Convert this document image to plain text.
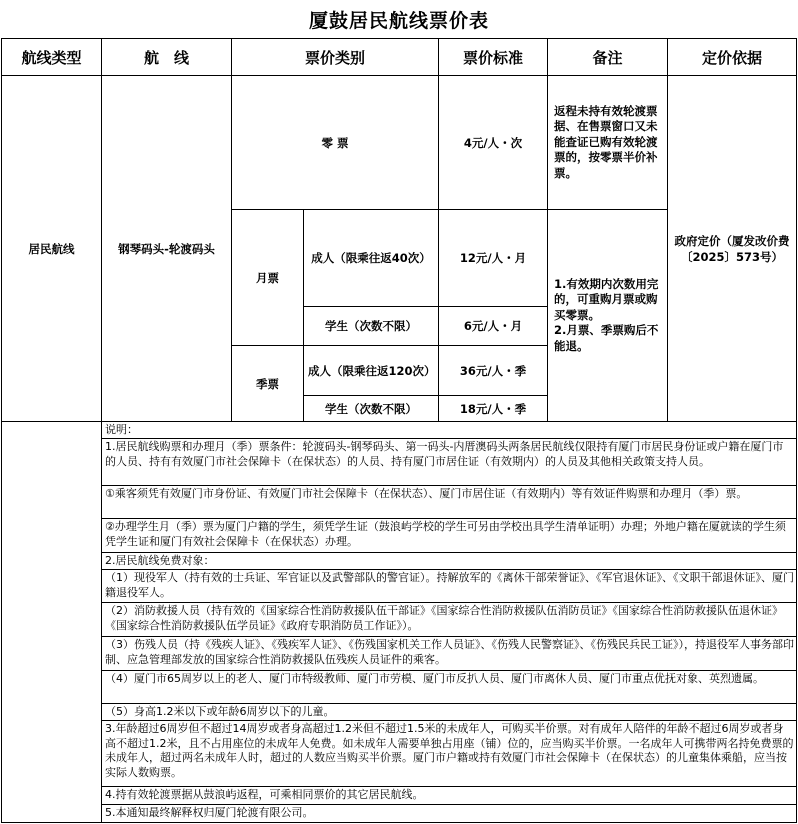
厦鼓居民航线票价表
航线类型	航　线	票价类别	票价标准	备注	定价依据
居民航线	钢琴码头-轮渡码头
零 票	4元/人・次
返程未持有效轮渡票据、在售票窗口又未能查证已购有效轮渡票的，按零票半价补票。
月票
成人（限乘往返40次）	12元/人・月
学生（次数不限）	6元/人・月
季票
成人（限乘往返120次）	36元/人・季
学生（次数不限）	18元/人・季
1.有效期内次数用完的，可重购月票或购买零票。
2.月票、季票购后不能退。
政府定价（厦发改价费〔2025〕573号）
说明：
1.居民航线购票和办理月（季）票条件：轮渡码头-钢琴码头、第一码头-内厝澳码头两条居民航线仅限持有厦门市居民身份证或户籍在厦门市的人员、持有有效厦门市社会保障卡（在保状态）的人员、持有厦门市居住证（有效期内）的人员及其他相关政策支持人员。
①乘客须凭有效厦门市身份证、有效厦门市社会保障卡（在保状态）、厦门市居住证（有效期内）等有效证件购票和办理月（季）票。
②办理学生月（季）票为厦门户籍的学生，须凭学生证（鼓浪屿学校的学生可另由学校出具学生清单证明）办理；外地户籍在厦就读的学生须凭学生证和厦门有效社会保障卡（在保状态）办理。
2.居民航线免费对象：
（1）现役军人（持有效的士兵证、军官证以及武警部队的警官证）。持解放军的《离休干部荣誉证》、《军官退休证》、《文职干部退休证》、厦门籍退役军人。
（2）消防救援人员（持有效的《国家综合性消防救援队伍干部证》《国家综合性消防救援队伍消防员证》《国家综合性消防救援队伍退休证》《国家综合性消防救援队伍学员证》《政府专职消防员工作证》）。
（3）伤残人员（持《残疾人证》、《残疾军人证》、《伤残国家机关工作人员证》、《伤残人民警察证》、《伤残民兵民工证》），持退役军人事务部印制、应急管理部发放的国家综合性消防救援队伍残疾人员证件的乘客。
（4）厦门市65周岁以上的老人、厦门市特级教师、厦门市劳模、厦门市反扒人员、厦门市离休人员、厦门市重点优抚对象、英烈遗属。
（5）身高1.2米以下或年龄6周岁以下的儿童。
3.年龄超过6周岁但不超过14周岁或者身高超过1.2米但不超过1.5米的未成年人，可购买半价票。对有成年人陪伴的年龄不超过6周岁或者身高不超过1.2米，且不占用座位的未成年人免费。如未成年人需要单独占用座（铺）位的，应当购买半价票。一名成年人可携带两名持免费票的未成年人，超过两名未成年人时，超过的人数应当购买半价票。厦门市户籍或持有效厦门市社会保障卡（在保状态）的儿童集体乘船，应当按实际人数购票。
4.持有效轮渡票据从鼓浪屿返程，可乘相同票价的其它居民航线。
5.本通知最终解释权归厦门轮渡有限公司。
